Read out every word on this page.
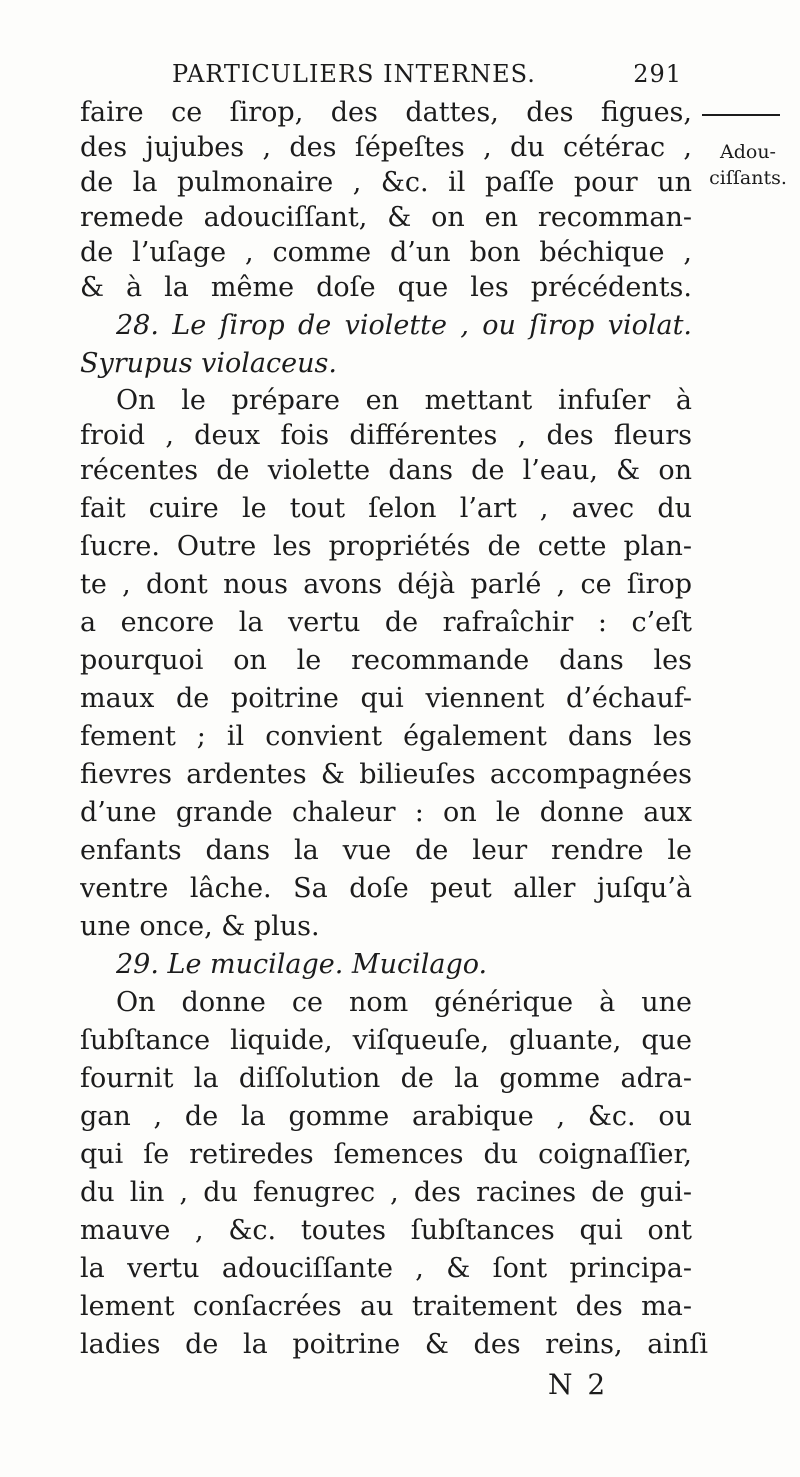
PARTICULIERS INTERNES.	291
Adou-
ciſſants.
faire ce ſirop, des dattes, des figues,
des jujubes , des ſépeſtes , du cétérac ,
de la pulmonaire , &c. il paſſe pour un
remede adouciſſant, & on en recomman-
de l’uſage , comme d’un bon béchique ,
& à la même doſe que les précédents.
28. Le ſirop de violette , ou ſirop violat.
Syrupus violaceus.
On le prépare en mettant infuſer à
froid , deux fois différentes , des fleurs
récentes de violette dans de l’eau, & on
fait cuire le tout ſelon l’art , avec du
ſucre. Outre les propriétés de cette plan-
te , dont nous avons déjà parlé , ce ſirop
a encore la vertu de rafraîchir : c’eſt
pourquoi on le recommande dans les
maux de poitrine qui viennent d’échauf-
fement ; il convient également dans les
fievres ardentes & bilieuſes accompagnées
d’une grande chaleur : on le donne aux
enfants dans la vue de leur rendre le
ventre lâche. Sa doſe peut aller juſqu’à
une once, & plus.
29. Le mucilage. Mucilago.
On donne ce nom générique à une
ſubſtance liquide, viſqueuſe, gluante, que
fournit la diſſolution de la gomme adra-
gan , de la gomme arabique , &c. ou
qui ſe retiredes ſemences du coignaſſier,
du lin , du fenugrec , des racines de gui-
mauve , &c. toutes ſubſtances qui ont
la vertu adouciſſante , & ſont principa-
lement conſacrées au traitement des ma-
ladies de la poitrine & des reins, ainſi
N 2
